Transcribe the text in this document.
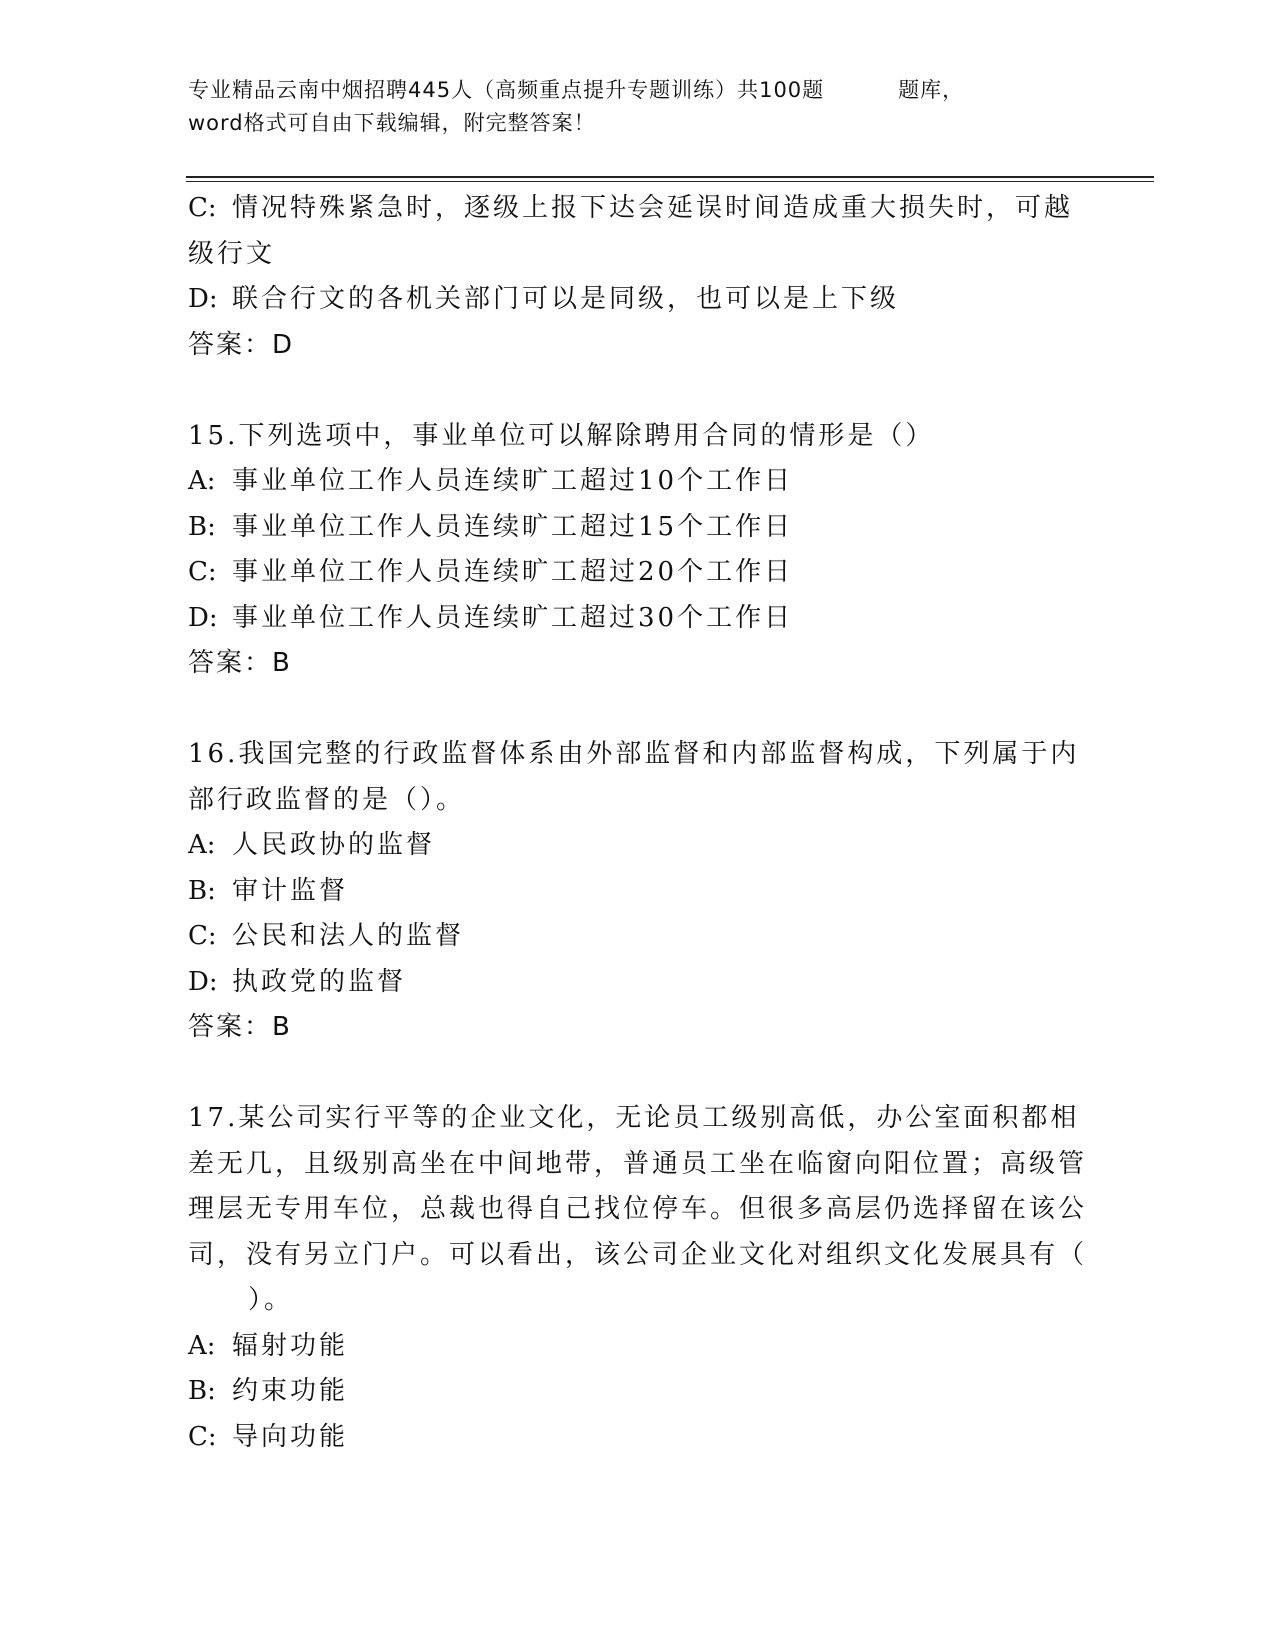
专业精品云南中烟招聘445人（高频重点提升专题训练）共100题	题库，
word格式可自由下载编辑，附完整答案！

C: 情况特殊紧急时，逐级上报下达会延误时间造成重大损失时，可越级行文

D: 联合行文的各机关部门可以是同级，也可以是上下级

答案：D

15.下列选项中，事业单位可以解除聘用合同的情形是（）

A: 事业单位工作人员连续旷工超过10个工作日

B: 事业单位工作人员连续旷工超过15个工作日

C: 事业单位工作人员连续旷工超过20个工作日

D: 事业单位工作人员连续旷工超过30个工作日

答案：B

16.我国完整的行政监督体系由外部监督和内部监督构成，下列属于内部行政监督的是（）。

A: 人民政协的监督

B: 审计监督

C: 公民和法人的监督

D: 执政党的监督

答案：B

17.某公司实行平等的企业文化，无论员工级别高低，办公室面积都相差无几，且级别高坐在中间地带，普通员工坐在临窗向阳位置；高级管理层无专用车位，总裁也得自己找位停车。但很多高层仍选择留在该公司，没有另立门户。可以看出，该公司企业文化对组织文化发展具有（）。

A: 辐射功能

B: 约束功能

C: 导向功能
